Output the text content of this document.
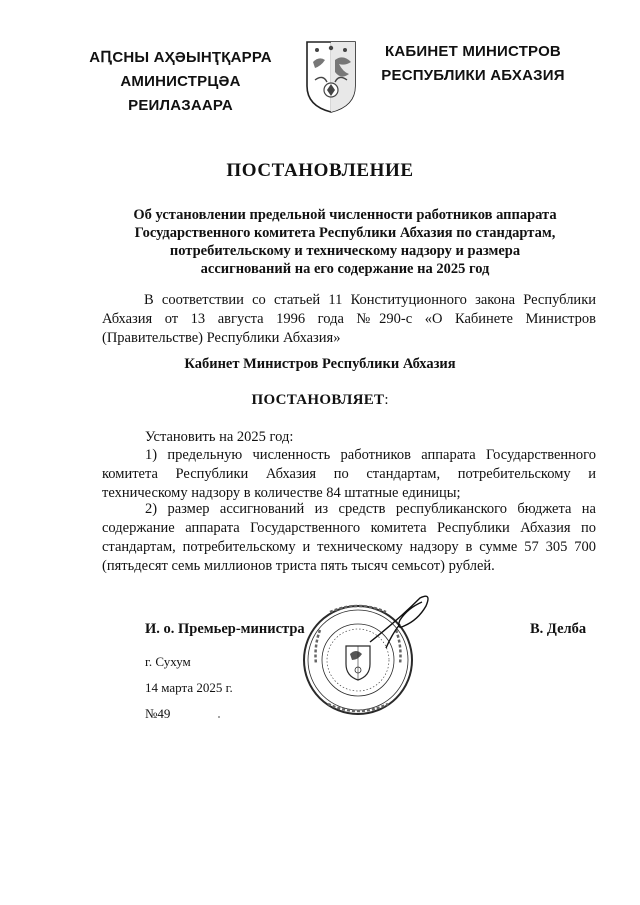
АԤСНЫ АҲӘЫНҬҚАРРА
АМИНИСТРЦӘА РЕИЛАЗААРА
КАБИНЕТ МИНИСТРОВ
РЕСПУБЛИКИ АБХАЗИЯ
ПОСТАНОВЛЕНИЕ
Об установлении предельной численности работников аппарата
Государственного комитета Республики Абхазия по стандартам,
потребительскому и техническому надзору и размера
ассигнований на его содержание на 2025 год
В соответствии со статьей 11 Конституционного закона Республики Абхазия от 13 августа 1996 года №290-с «О Кабинете Министров (Правительстве) Республики Абхазия»
Кабинет Министров Республики Абхазия
ПОСТАНОВЛЯЕТ:
Установить на 2025 год:
1) предельную численность работников аппарата Государственного комитета Республики Абхазия по стандартам, потребительскому и техническому надзору в количестве 84 штатные единицы;
2) размер ассигнований из средств республиканского бюджета на содержание аппарата Государственного комитета Республики Абхазия по стандартам, потребительскому и техническому надзору в сумме 57 305 700 (пятьдесят семь миллионов триста пять тысяч семьсот) рублей.
И. о. Премьер-министра	В. Делба
г. Сухум
14 марта 2025 г.
№49
